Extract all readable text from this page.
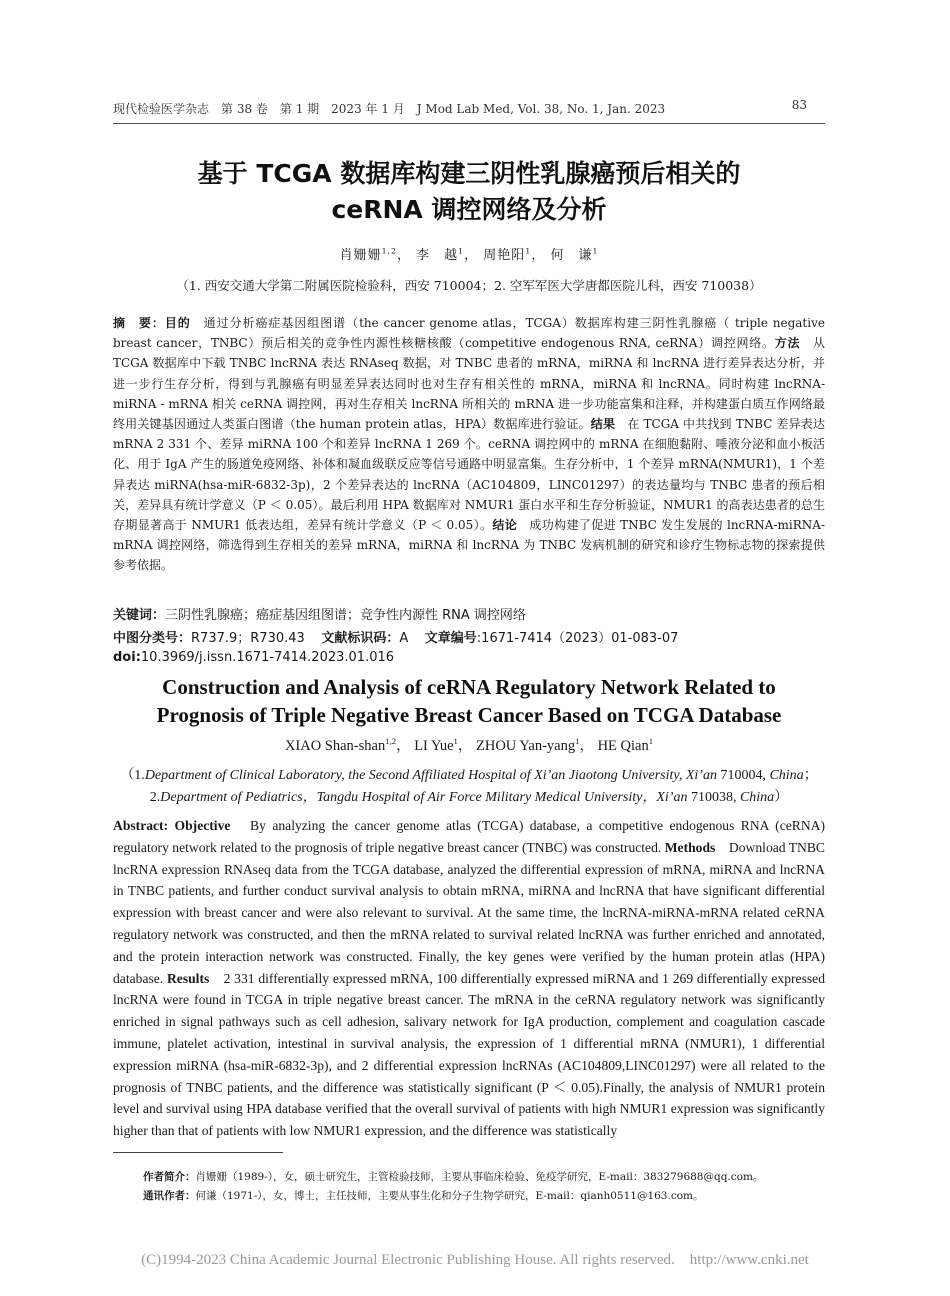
现代检验医学杂志　第 38 卷　第 1 期　2023 年 1 月　J Mod Lab Med, Vol. 38, No. 1, Jan. 2023	83
基于 TCGA 数据库构建三阴性乳腺癌预后相关的
ceRNA 调控网络及分析
肖姗姗$^{1,2}$， 李　越$^1$， 周艳阳$^1$， 何　谦$^1$
（1. 西安交通大学第二附属医院检验科，西安 710004；2. 空军军医大学唐都医院儿科，西安 710038）
摘　要：目的　通过分析癌症基因组图谱（the cancer genome atlas，TCGA）数据库构建三阴性乳腺癌（ triple negative breast cancer，TNBC）预后相关的竞争性内源性核糖核酸（competitive endogenous RNA, ceRNA）调控网络。方法　从 TCGA 数据库中下载 TNBC lncRNA 表达 RNAseq 数据，对 TNBC 患者的 mRNA，miRNA 和 lncRNA 进行差异表达分析，并进一步行生存分析，得到与乳腺癌有明显差异表达同时也对生存有相关性的 mRNA，miRNA 和 lncRNA。同时构建 lncRNA- miRNA - mRNA 相关 ceRNA 调控网，再对生存相关 lncRNA 所相关的 mRNA 进一步功能富集和注释，并构建蛋白质互作网络最终用关键基因通过人类蛋白图谱（the human protein atlas，HPA）数据库进行验证。结果　在 TCGA 中共找到 TNBC 差异表达 mRNA 2 331 个、差异 miRNA 100 个和差异 lncRNA 1 269 个。ceRNA 调控网中的 mRNA 在细胞黏附、唾液分泌和血小板活化、用于 IgA 产生的肠道免疫网络、补体和凝血级联反应等信号通路中明显富集。生存分析中，1 个差异 mRNA(NMUR1)，1 个差异表达 miRNA(hsa-miR-6832-3p)，2 个差异表达的 lncRNA（AC104809，LINC01297）的表达量均与 TNBC 患者的预后相关，差异具有统计学意义（P ＜ 0.05）。最后利用 HPA 数据库对 NMUR1 蛋白水平和生存分析验证，NMUR1 的高表达患者的总生存期显著高于 NMUR1 低表达组，差异有统计学意义（P ＜ 0.05）。结论　成功构建了促进 TNBC 发生发展的 lncRNA-miRNA-mRNA 调控网络，筛选得到生存相关的差异 mRNA，miRNA 和 lncRNA 为 TNBC 发病机制的研究和诊疗生物标志物的探索提供参考依据。
关键词：三阴性乳腺癌；癌症基因组图谱；竞争性内源性 RNA 调控网络
中图分类号：R737.9；R730.43 文献标识码：A 文章编号:1671-7414（2023）01-083-07
doi:10.3969/j.issn.1671-7414.2023.01.016
Construction and Analysis of ceRNA Regulatory Network Related to
Prognosis of Triple Negative Breast Cancer Based on TCGA Database
XIAO Shan-shan$^{1,2}$， LI Yue$^1$， ZHOU Yan-yang$^1$， HE Qian$^1$
（1.Department of Clinical Laboratory, the Second Affiliated Hospital of Xi’an Jiaotong University, Xi’an 710004, China；
2.Department of Pediatrics，Tangdu Hospital of Air Force Military Medical University，Xi’an 710038, China）
Abstract: Objective　By analyzing the cancer genome atlas (TCGA) database, a competitive endogenous RNA (ceRNA) regulatory network related to the prognosis of triple negative breast cancer (TNBC) was constructed. Methods　Download TNBC lncRNA expression RNAseq data from the TCGA database, analyzed the differential expression of mRNA, miRNA and lncRNA in TNBC patients, and further conduct survival analysis to obtain mRNA, miRNA and lncRNA that have significant differential expression with breast cancer and were also relevant to survival. At the same time, the lncRNA-miRNA-mRNA related ceRNA regulatory network was constructed, and then the mRNA related to survival related lncRNA was further enriched and annotated, and the protein interaction network was constructed. Finally, the key genes were verified by the human protein atlas (HPA) database. Results　2 331 differentially expressed mRNA, 100 differentially expressed miRNA and 1 269 differentially expressed lncRNA were found in TCGA in triple negative breast cancer. The mRNA in the ceRNA regulatory network was significantly enriched in signal pathways such as cell adhesion, salivary network for IgA production, complement and coagulation cascade immune, platelet activation, intestinal in survival analysis, the expression of 1 differential mRNA (NMUR1), 1 differential expression miRNA (hsa-miR-6832-3p), and 2 differential expression lncRNAs (AC104809,LINC01297) were all related to the prognosis of TNBC patients, and the difference was statistically significant (P ＜ 0.05).Finally, the analysis of NMUR1 protein level and survival using HPA database verified that the overall survival of patients with high NMUR1 expression was significantly higher than that of patients with low NMUR1 expression, and the difference was statistically
作者简介：肖姗姗（1989-），女，硕士研究生，主管检验技师，主要从事临床检验、免疫学研究，E-mail：383279688@qq.com。
通讯作者：何谦（1971-），女，博士，主任技师，主要从事生化和分子生物学研究，E-mail：qianh0511@163.com。
(C)1994-2023 China Academic Journal Electronic Publishing House. All rights reserved.    http://www.cnki.net
